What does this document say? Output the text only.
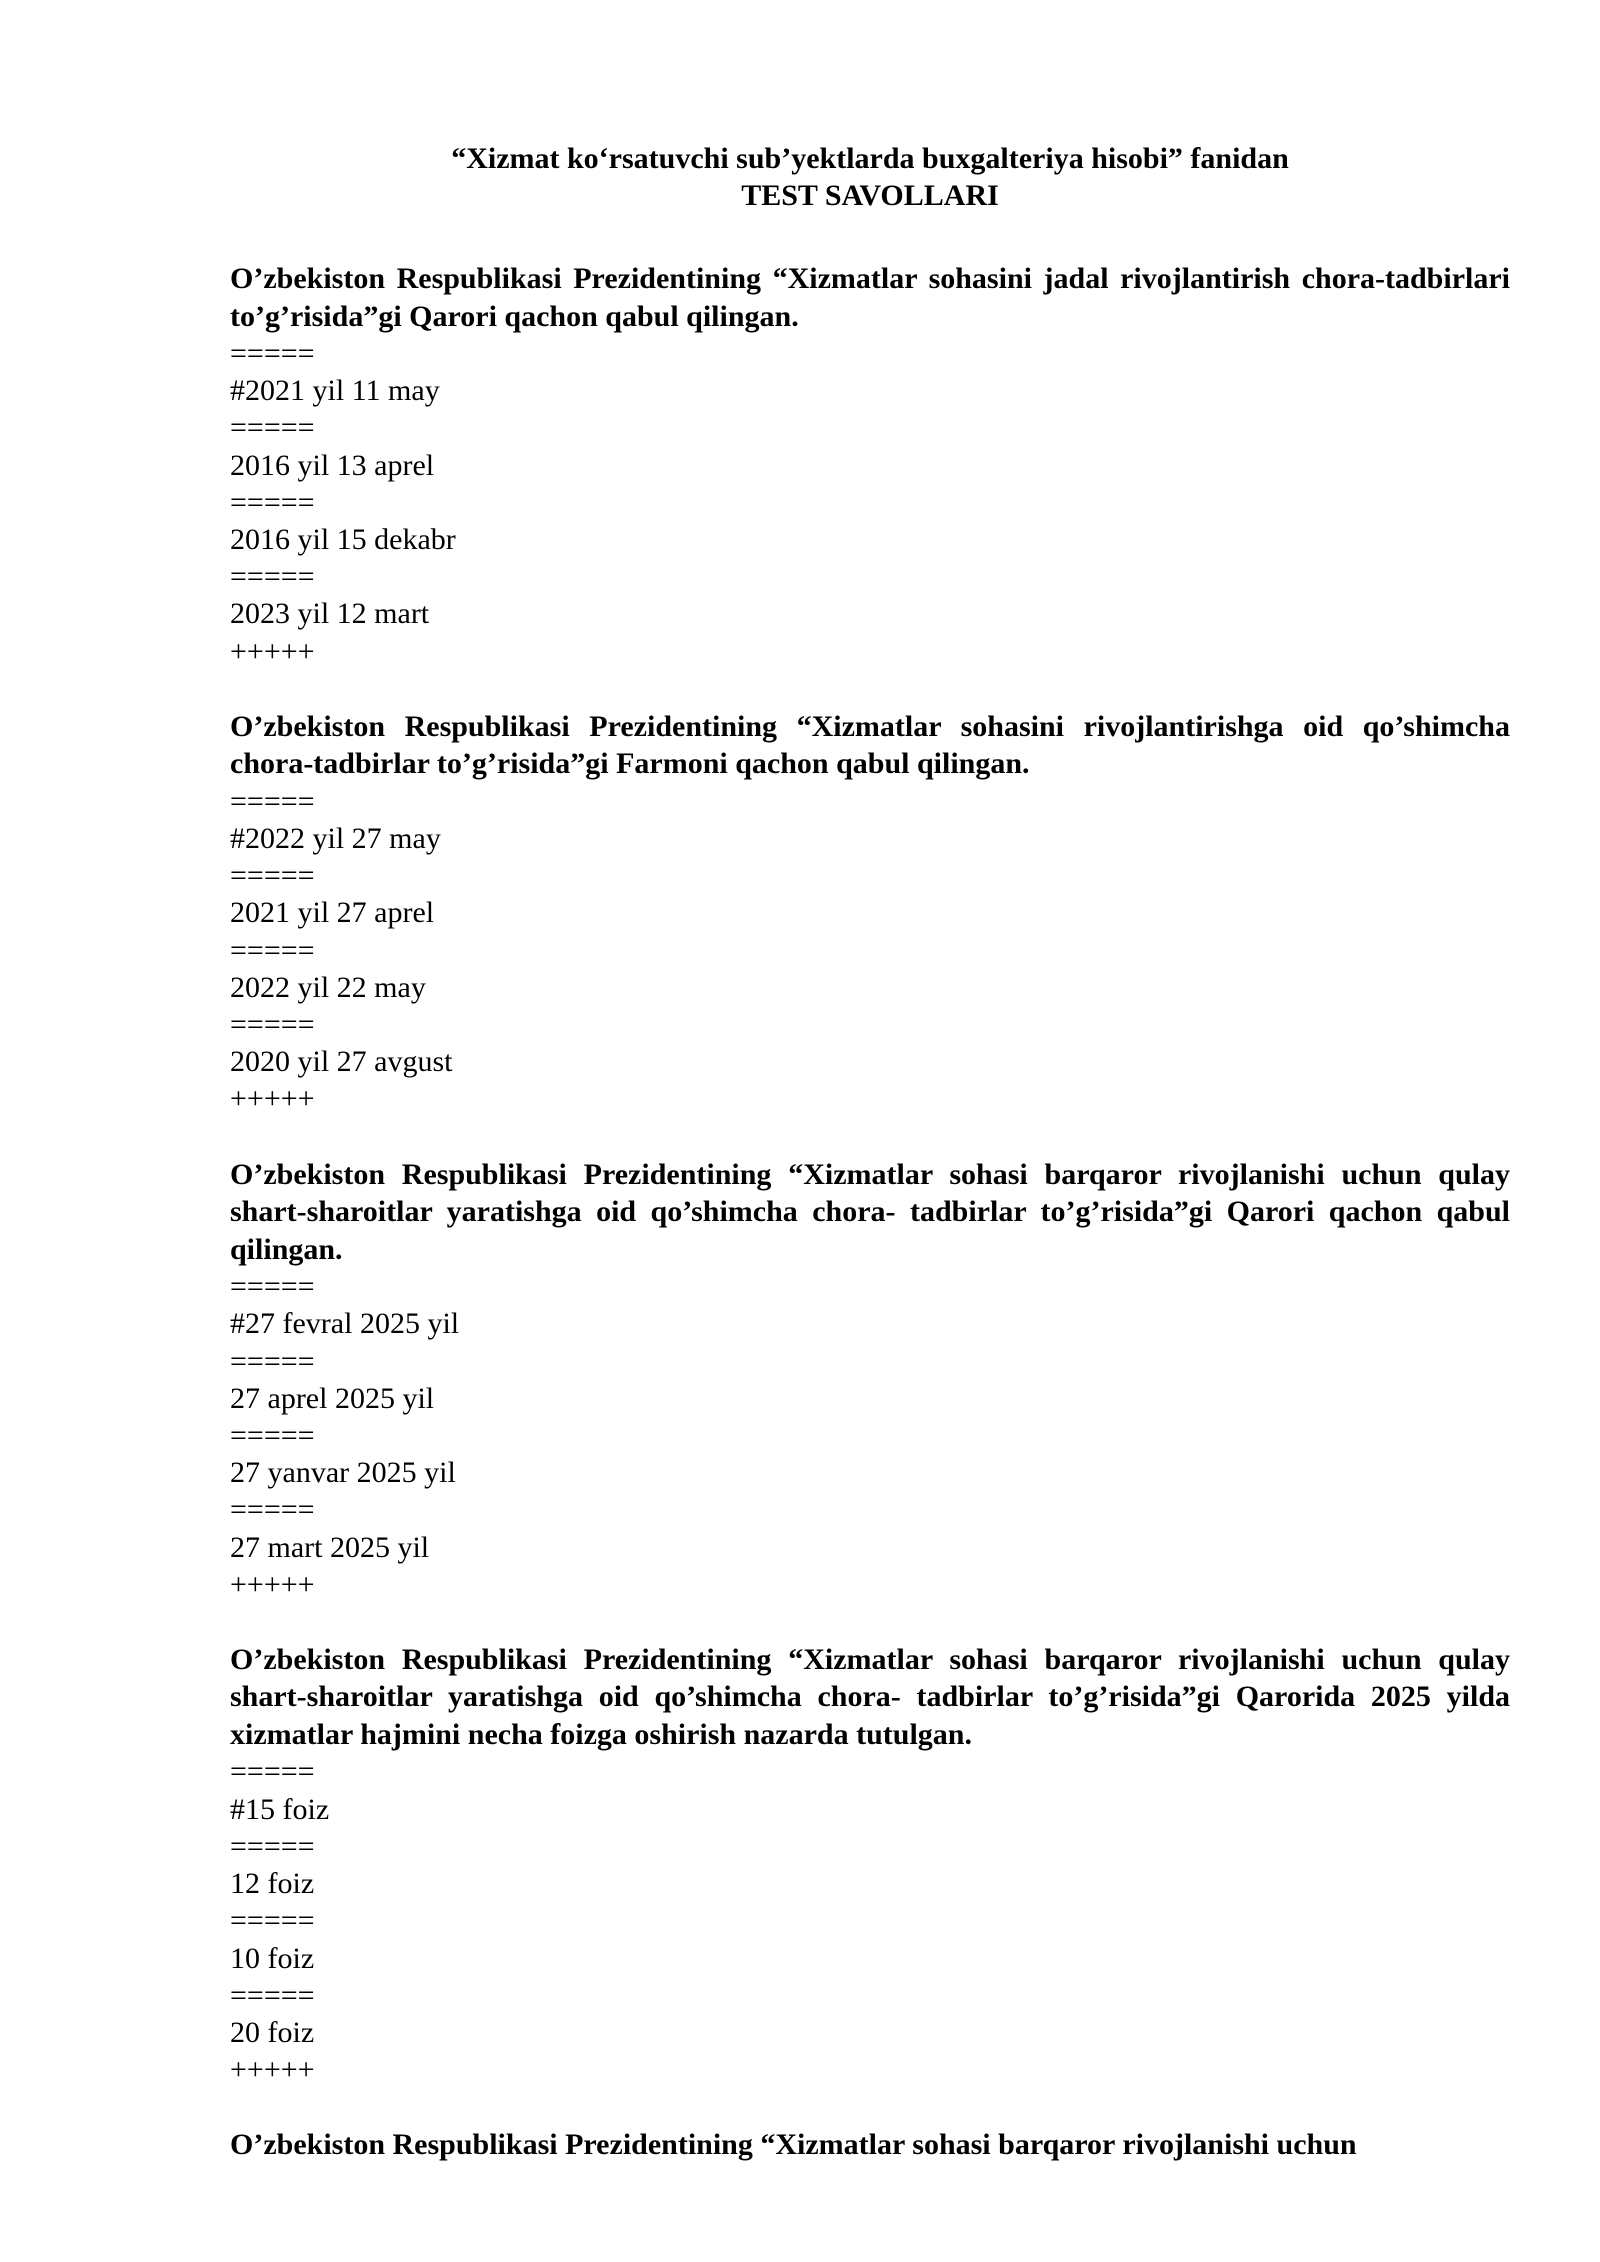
“Xizmat ko‘rsatuvchi sub’yektlarda buxgalteriya hisobi” fanidan

TEST SAVOLLARI

O’zbekiston Respublikasi Prezidentining “Xizmatlar sohasini jadal rivojlantirish chora-tadbirlari to’g’risida”gi Qarori qachon qabul qilingan.

=====

#2021 yil 11 may

=====

2016 yil 13 aprel

=====

2016 yil 15 dekabr

=====

2023 yil 12 mart

+++++

O’zbekiston Respublikasi Prezidentining “Xizmatlar sohasini rivojlantirishga oid qo’shimcha chora-tadbirlar to’g’risida”gi Farmoni qachon qabul qilingan.

=====

#2022 yil 27 may

=====

2021 yil 27 aprel

=====

2022 yil 22 may

=====

2020 yil 27 avgust

+++++

O’zbekiston Respublikasi Prezidentining “Xizmatlar sohasi barqaror rivojlanishi uchun qulay shart-sharoitlar yaratishga oid qo’shimcha chora- tadbirlar to’g’risida”gi Qarori qachon qabul qilingan.

=====

#27 fevral 2025 yil

=====

27 aprel 2025 yil

=====

27 yanvar 2025 yil

=====

27 mart 2025 yil

+++++

O’zbekiston Respublikasi Prezidentining “Xizmatlar sohasi barqaror rivojlanishi uchun qulay shart-sharoitlar yaratishga oid qo’shimcha chora- tadbirlar to’g’risida”gi Qarorida 2025 yilda xizmatlar hajmini necha foizga oshirish nazarda tutulgan.

=====

#15 foiz

=====

12 foiz

=====

10 foiz

=====

20 foiz

+++++

O’zbekiston Respublikasi Prezidentining “Xizmatlar sohasi barqaror rivojlanishi uchun
